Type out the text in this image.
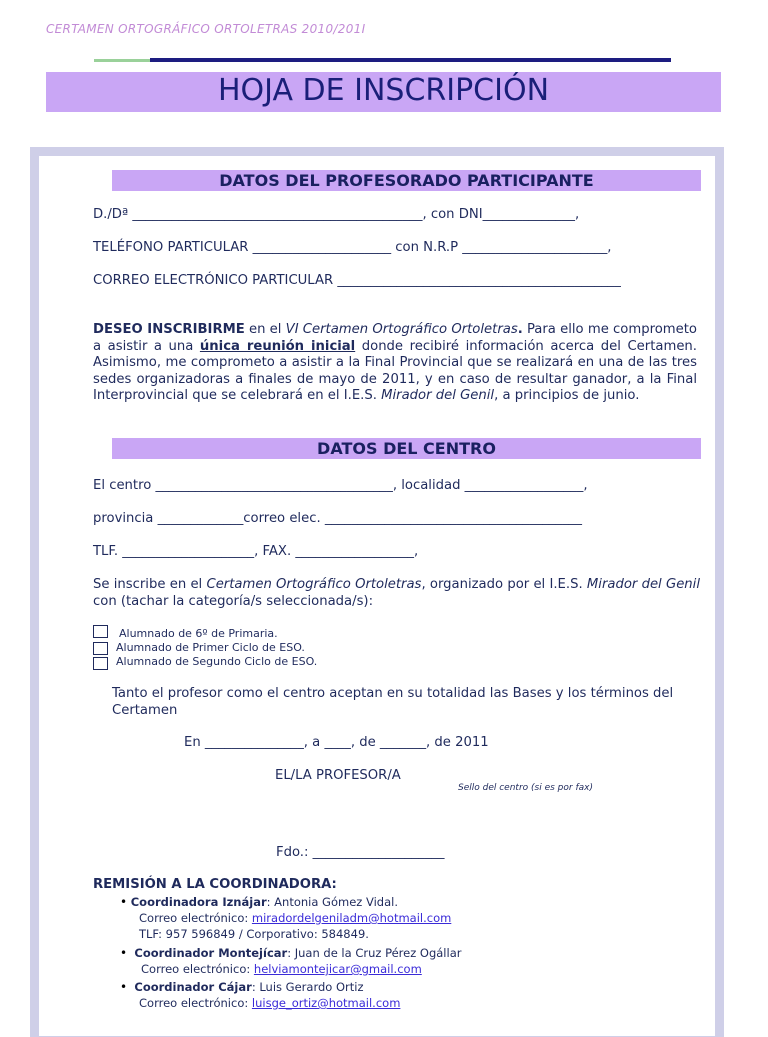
CERTAMEN ORTOGRÁFICO ORTOLETRAS 2010/201I
HOJA DE INSCRIPCIÓN
DATOS DEL PROFESORADO PARTICIPANTE
D./Dª ____________________________________________, con DNI______________,
TELÉFONO PARTICULAR _____________________ con N.R.P ______________________,
CORREO ELECTRÓNICO PARTICULAR ___________________________________________
DESEO INSCRIBIRME en el VI Certamen Ortográfico Ortoletras. Para ello me comprometo a asistir a una única reunión inicial donde recibiré información acerca del Certamen. Asimismo, me comprometo a asistir a la Final Provincial que se realizará en una de las tres sedes organizadoras a finales de mayo de 2011, y en caso de resultar ganador, a la Final Interprovincial que se celebrará en el I.E.S. Mirador del Genil, a principios de junio.
DATOS DEL CENTRO
El centro ____________________________________, localidad __________________,
provincia _____________correo elec. _______________________________________
TLF. ____________________, FAX. __________________,
Se inscribe en el Certamen Ortográfico Ortoletras, organizado por el I.E.S. Mirador del Genil con (tachar la categoría/s seleccionada/s):
Alumnado de 6º de Primaria.
Alumnado de Primer Ciclo de ESO.
Alumnado de Segundo Ciclo de ESO.
Tanto el profesor como el centro aceptan en su totalidad las Bases y los términos del Certamen
En _______________, a ____, de _______, de 2011
EL/LA PROFESOR/A
Sello del centro (si es por fax)
Fdo.: ____________________
REMISIÓN A LA COORDINADORA:
• Coordinadora Iznájar: Antonia Gómez Vidal.
Correo electrónico: miradordelgeniladm@hotmail.com
TLF: 957 596849 / Corporativo: 584849.
• Coordinador Montejícar: Juan de la Cruz Pérez Ogállar
Correo electrónico: helviamontejicar@gmail.com
• Coordinador Cájar: Luis Gerardo Ortiz
Correo electrónico: luisge_ortiz@hotmail.com
